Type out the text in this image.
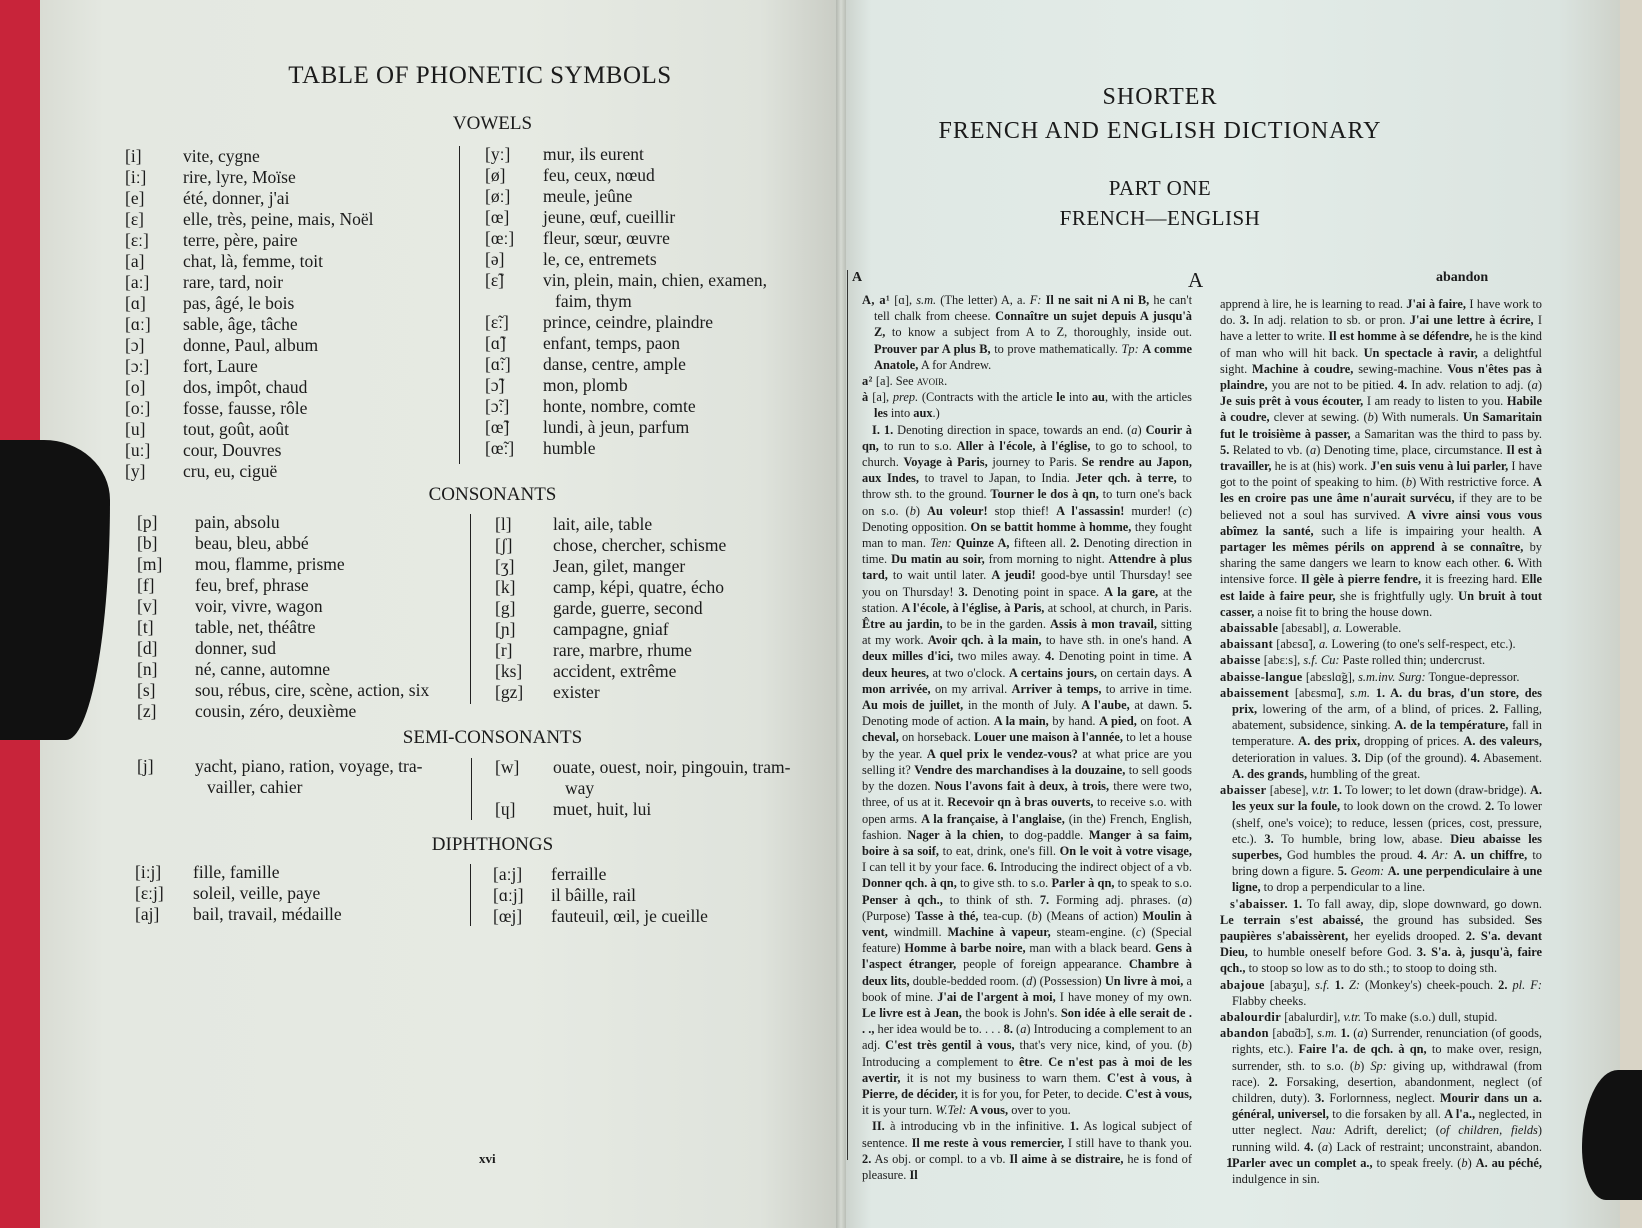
TABLE OF PHONETIC SYMBOLS
VOWELS
[i]	vite, cygne
[iː]	rire, lyre, Moïse
[e]	été, donner, j'ai
[ɛ]	elle, très, peine, mais, Noël
[ɛː]	terre, père, paire
[a]	chat, là, femme, toit
[aː]	rare, tard, noir
[ɑ]	pas, âgé, le bois
[ɑː]	sable, âge, tâche
[ɔ]	donne, Paul, album
[ɔː]	fort, Laure
[o]	dos, impôt, chaud
[oː]	fosse, fausse, rôle
[u]	tout, goût, août
[uː]	cour, Douvres
[y]	cru, eu, ciguë
[yː]	mur, ils eurent
[ø]	feu, ceux, nœud
[øː]	meule, jeûne
[œ]	jeune, œuf, cueillir
[œː]	fleur, sœur, œuvre
[ə]	le, ce, entremets
[ɛ̃]	vin, plein, main, chien, examen,
faim, thym
[ɛ̃ː]	prince, ceindre, plaindre
[ɑ̃]	enfant, temps, paon
[ɑ̃ː]	danse, centre, ample
[ɔ̃]	mon, plomb
[ɔ̃ː]	honte, nombre, comte
[œ̃]	lundi, à jeun, parfum
[œ̃ː]	humble
CONSONANTS
[p]	pain, absolu
[b]	beau, bleu, abbé
[m]	mou, flamme, prisme
[f]	feu, bref, phrase
[v]	voir, vivre, wagon
[t]	table, net, théâtre
[d]	donner, sud
[n]	né, canne, automne
[s]	sou, rébus, cire, scène, action, six
[z]	cousin, zéro, deuxième
[l]	lait, aile, table
[ʃ]	chose, chercher, schisme
[ʒ]	Jean, gilet, manger
[k]	camp, képi, quatre, écho
[g]	garde, guerre, second
[ɲ]	campagne, gniaf
[r]	rare, marbre, rhume
[ks]	accident, extrême
[gz]	exister
SEMI-CONSONANTS
[j]	yacht, piano, ration, voyage, tra-
vailler, cahier
[w]	ouate, ouest, noir, pingouin, tram-
way
[ɥ]	muet, huit, lui
DIPHTHONGS
[iːj]	fille, famille
[ɛːj]	soleil, veille, paye
[aj]	bail, travail, médaille
[aːj]	ferraille
[ɑːj]	il bâille, rail
[œj]	fauteuil, œil, je cueille
xvi
SHORTER
FRENCH AND ENGLISH DICTIONARY
PART ONE
FRENCH—ENGLISH
A	A	abandon

A, a¹ [ɑ], s.m. (The letter) A, a. F: Il ne sait ni A ni B, he can't tell chalk from cheese. Connaître un sujet depuis A jusqu'à Z, to know a subject from A to Z, thoroughly, inside out. Prouver par A plus B, to prove mathematically. Tp: A comme Anatole, A for Andrew.

a² [a]. See avoir.

à [a], prep. (Contracts with the article le into au, with the articles les into aux.)

I. 1. Denoting direction in space, towards an end. (a) Courir à qn, to run to s.o. Aller à l'école, à l'église, to go to school, to church. Voyage à Paris, journey to Paris. Se rendre au Japon, aux Indes, to travel to Japan, to India. Jeter qch. à terre, to throw sth. to the ground. Tourner le dos à qn, to turn one's back on s.o. (b) Au voleur! stop thief! A l'assassin! murder! (c) Denoting opposition. On se battit homme à homme, they fought man to man. Ten: Quinze A, fifteen all. 2. Denoting direction in time. Du matin au soir, from morning to night. Attendre à plus tard, to wait until later. A jeudi! good-bye until Thursday! see you on Thursday! 3. Denoting point in space. A la gare, at the station. A l'école, à l'église, à Paris, at school, at church, in Paris. Être au jardin, to be in the garden. Assis à mon travail, sitting at my work. Avoir qch. à la main, to have sth. in one's hand. A deux milles d'ici, two miles away. 4. Denoting point in time. A deux heures, at two o'clock. A certains jours, on certain days. A mon arrivée, on my arrival. Arriver à temps, to arrive in time. Au mois de juillet, in the month of July. A l'aube, at dawn. 5. Denoting mode of action. A la main, by hand. A pied, on foot. A cheval, on horseback. Louer une maison à l'année, to let a house by the year. A quel prix le vendez-vous? at what price are you selling it? Vendre des marchandises à la douzaine, to sell goods by the dozen. Nous l'avons fait à deux, à trois, there were two, three, of us at it. Recevoir qn à bras ouverts, to receive s.o. with open arms. A la française, à l'anglaise, (in the) French, English, fashion. Nager à la chien, to dog-paddle. Manger à sa faim, boire à sa soif, to eat, drink, one's fill. On le voit à votre visage, I can tell it by your face. 6. Introducing the indirect object of a vb. Donner qch. à qn, to give sth. to s.o. Parler à qn, to speak to s.o. Penser à qch., to think of sth. 7. Forming adj. phrases. (a) (Purpose) Tasse à thé, tea-cup. (b) (Means of action) Moulin à vent, windmill. Machine à vapeur, steam-engine. (c) (Special feature) Homme à barbe noire, man with a black beard. Gens à l'aspect étranger, people of foreign appearance. Chambre à deux lits, double-bedded room. (d) (Possession) Un livre à moi, a book of mine. J'ai de l'argent à moi, I have money of my own. Le livre est à Jean, the book is John's. Son idée à elle serait de . . ., her idea would be to. . . . 8. (a) Introducing a complement to an adj. C'est très gentil à vous, that's very nice, kind, of you. (b) Introducing a complement to être. Ce n'est pas à moi de les avertir, it is not my business to warn them. C'est à vous, à Pierre, de décider, it is for you, for Peter, to decide. C'est à vous, it is your turn. W.Tel: A vous, over to you.

II. à introducing vb in the infinitive. 1. As logical subject of sentence. Il me reste à vous remercier, I still have to thank you. 2. As obj. or compl. to a vb. Il aime à se distraire, he is fond of pleasure. Il

apprend à lire, he is learning to read. J'ai à faire, I have work to do. 3. In adj. relation to sb. or pron. J'ai une lettre à écrire, I have a letter to write. Il est homme à se défendre, he is the kind of man who will hit back. Un spectacle à ravir, a delightful sight. Machine à coudre, sewing-machine. Vous n'êtes pas à plaindre, you are not to be pitied. 4. In adv. relation to adj. (a) Je suis prêt à vous écouter, I am ready to listen to you. Habile à coudre, clever at sewing. (b) With numerals. Un Samaritain fut le troisième à passer, a Samaritan was the third to pass by. 5. Related to vb. (a) Denoting time, place, circumstance. Il est à travailler, he is at (his) work. J'en suis venu à lui parler, I have got to the point of speaking to him. (b) With restrictive force. A les en croire pas une âme n'aurait survécu, if they are to be believed not a soul has survived. A vivre ainsi vous vous abîmez la santé, such a life is impairing your health. A partager les mêmes périls on apprend à se connaître, by sharing the same dangers we learn to know each other. 6. With intensive force. Il gèle à pierre fendre, it is freezing hard. Elle est laide à faire peur, she is frightfully ugly. Un bruit à tout casser, a noise fit to bring the house down.

abaissable [abɛsabl], a. Lowerable.

abaissant [abɛsɑ̃], a. Lowering (to one's self-respect, etc.).

abaisse [abɛːs], s.f. Cu: Paste rolled thin; undercrust.

abaisse-langue [abɛslɑ̃g], s.m.inv. Surg: Tongue-depressor.

abaissement [abɛsmɑ̃], s.m. 1. A. du bras, d'un store, des prix, lowering of the arm, of a blind, of prices. 2. Falling, abatement, subsidence, sinking. A. de la température, fall in temperature. A. des prix, dropping of prices. A. des valeurs, deterioration in values. 3. Dip (of the ground). 4. Abasement. A. des grands, humbling of the great.

abaisser [abese], v.tr. 1. To lower; to let down (draw-bridge). A. les yeux sur la foule, to look down on the crowd. 2. To lower (shelf, one's voice); to reduce, lessen (prices, cost, pressure, etc.). 3. To humble, bring low, abase. Dieu abaisse les superbes, God humbles the proud. 4. Ar: A. un chiffre, to bring down a figure. 5. Geom: A. une perpendiculaire à une ligne, to drop a perpendicular to a line.

s'abaisser. 1. To fall away, dip, slope downward, go down. Le terrain s'est abaissé, the ground has subsided. Ses paupières s'abaissèrent, her eyelids drooped. 2. S'a. devant Dieu, to humble oneself before God. 3. S'a. à, jusqu'à, faire qch., to stoop so low as to do sth.; to stoop to doing sth.

abajoue [abaʒu], s.f. 1. Z: (Monkey's) cheek-pouch. 2. pl. F: Flabby cheeks.

abalourdir [abalurdir], v.tr. To make (s.o.) dull, stupid.

abandon [abɑ̃dɔ̃], s.m. 1. (a) Surrender, renunciation (of goods, rights, etc.). Faire l'a. de qch. à qn, to make over, resign, surrender, sth. to s.o. (b) Sp: giving up, withdrawal (from race). 2. Forsaking, desertion, abandonment, neglect (of children, duty). 3. Forlornness, neglect. Mourir dans un a. général, universel, to die forsaken by all. A l'a., neglected, in utter neglect. Nau: Adrift, derelict; (of children, fields) running wild. 4. (a) Lack of restraint; unconstraint, abandon. Parler avec un complet a., to speak freely. (b) A. au péché, indulgence in sin.

1
